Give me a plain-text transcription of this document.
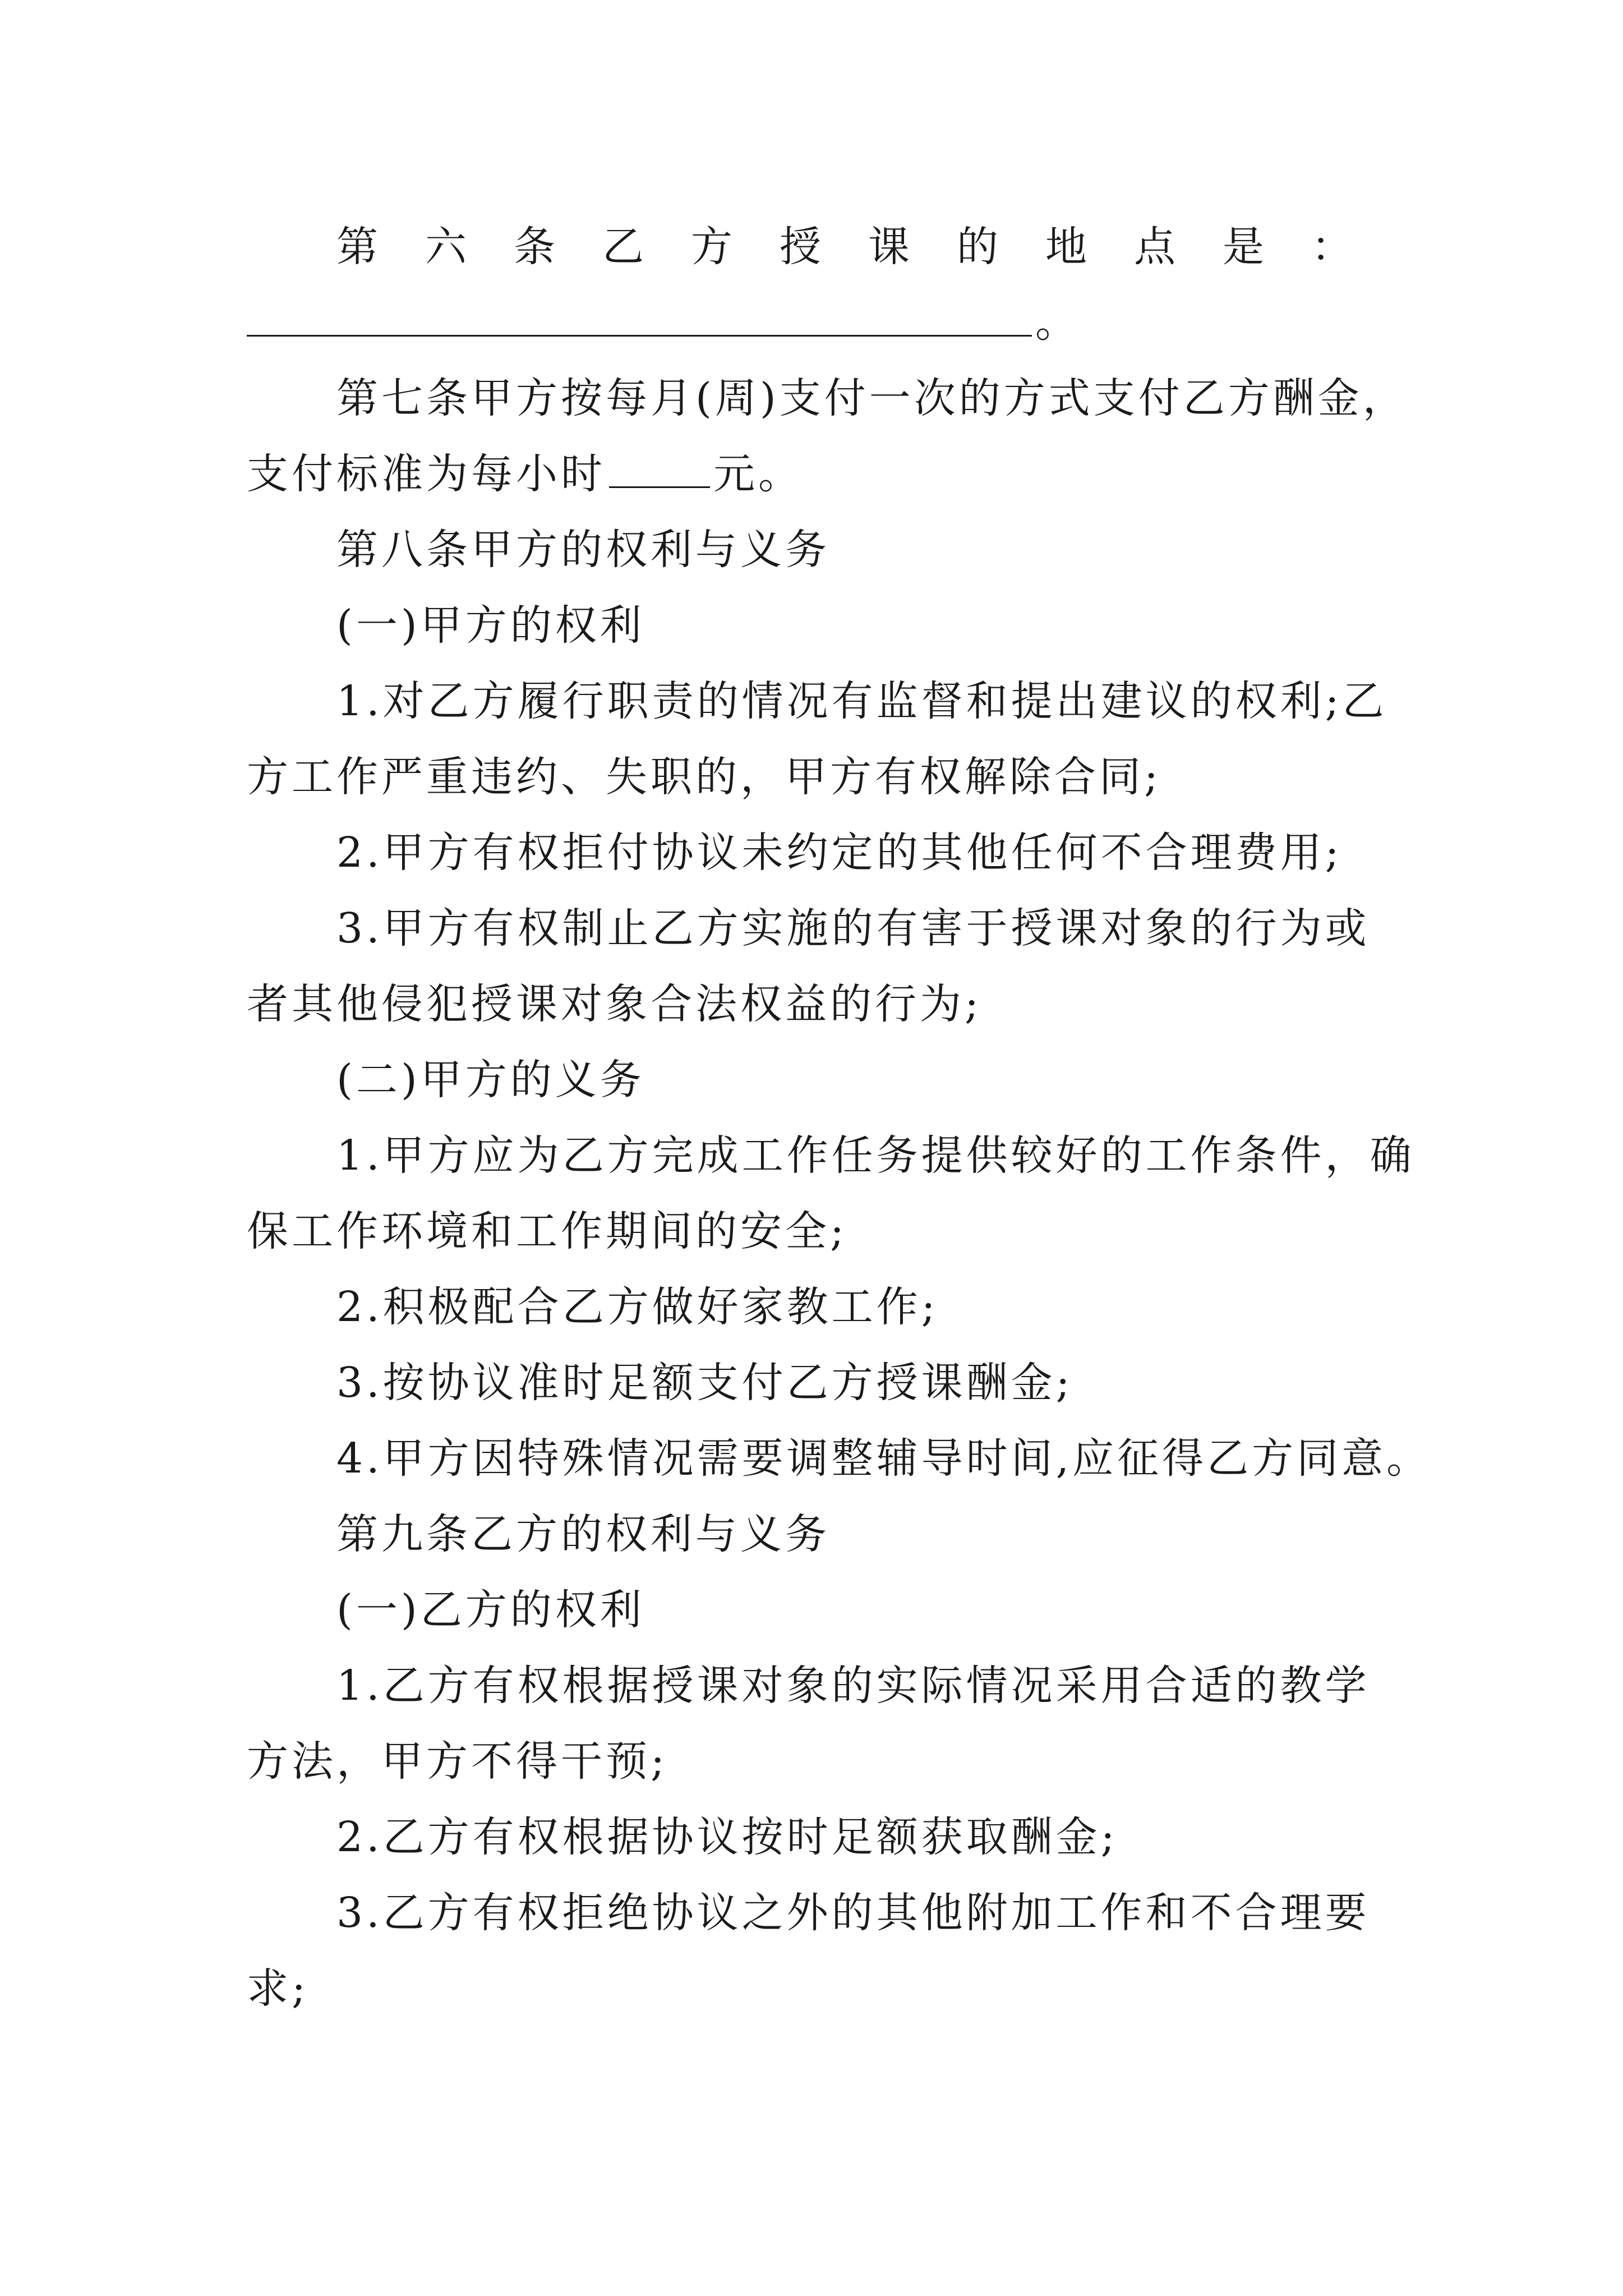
第六条乙方授课的地点是：
。
第七条甲方按每月(周)支付一次的方式支付乙方酬金，
支付标准为每小时	元。
第八条甲方的权利与义务
(一)甲方的权利
1.对乙方履行职责的情况有监督和提出建议的权利;乙
方工作严重违约、失职的，甲方有权解除合同;
2.甲方有权拒付协议未约定的其他任何不合理费用;
3.甲方有权制止乙方实施的有害于授课对象的行为或
者其他侵犯授课对象合法权益的行为;
(二)甲方的义务
1.甲方应为乙方完成工作任务提供较好的工作条件，确
保工作环境和工作期间的安全;
2.积极配合乙方做好家教工作;
3.按协议准时足额支付乙方授课酬金;
4.甲方因特殊情况需要调整辅导时间,应征得乙方同意。
第九条乙方的权利与义务
(一)乙方的权利
1.乙方有权根据授课对象的实际情况采用合适的教学
方法，甲方不得干预;
2.乙方有权根据协议按时足额获取酬金;
3.乙方有权拒绝协议之外的其他附加工作和不合理要
求;
